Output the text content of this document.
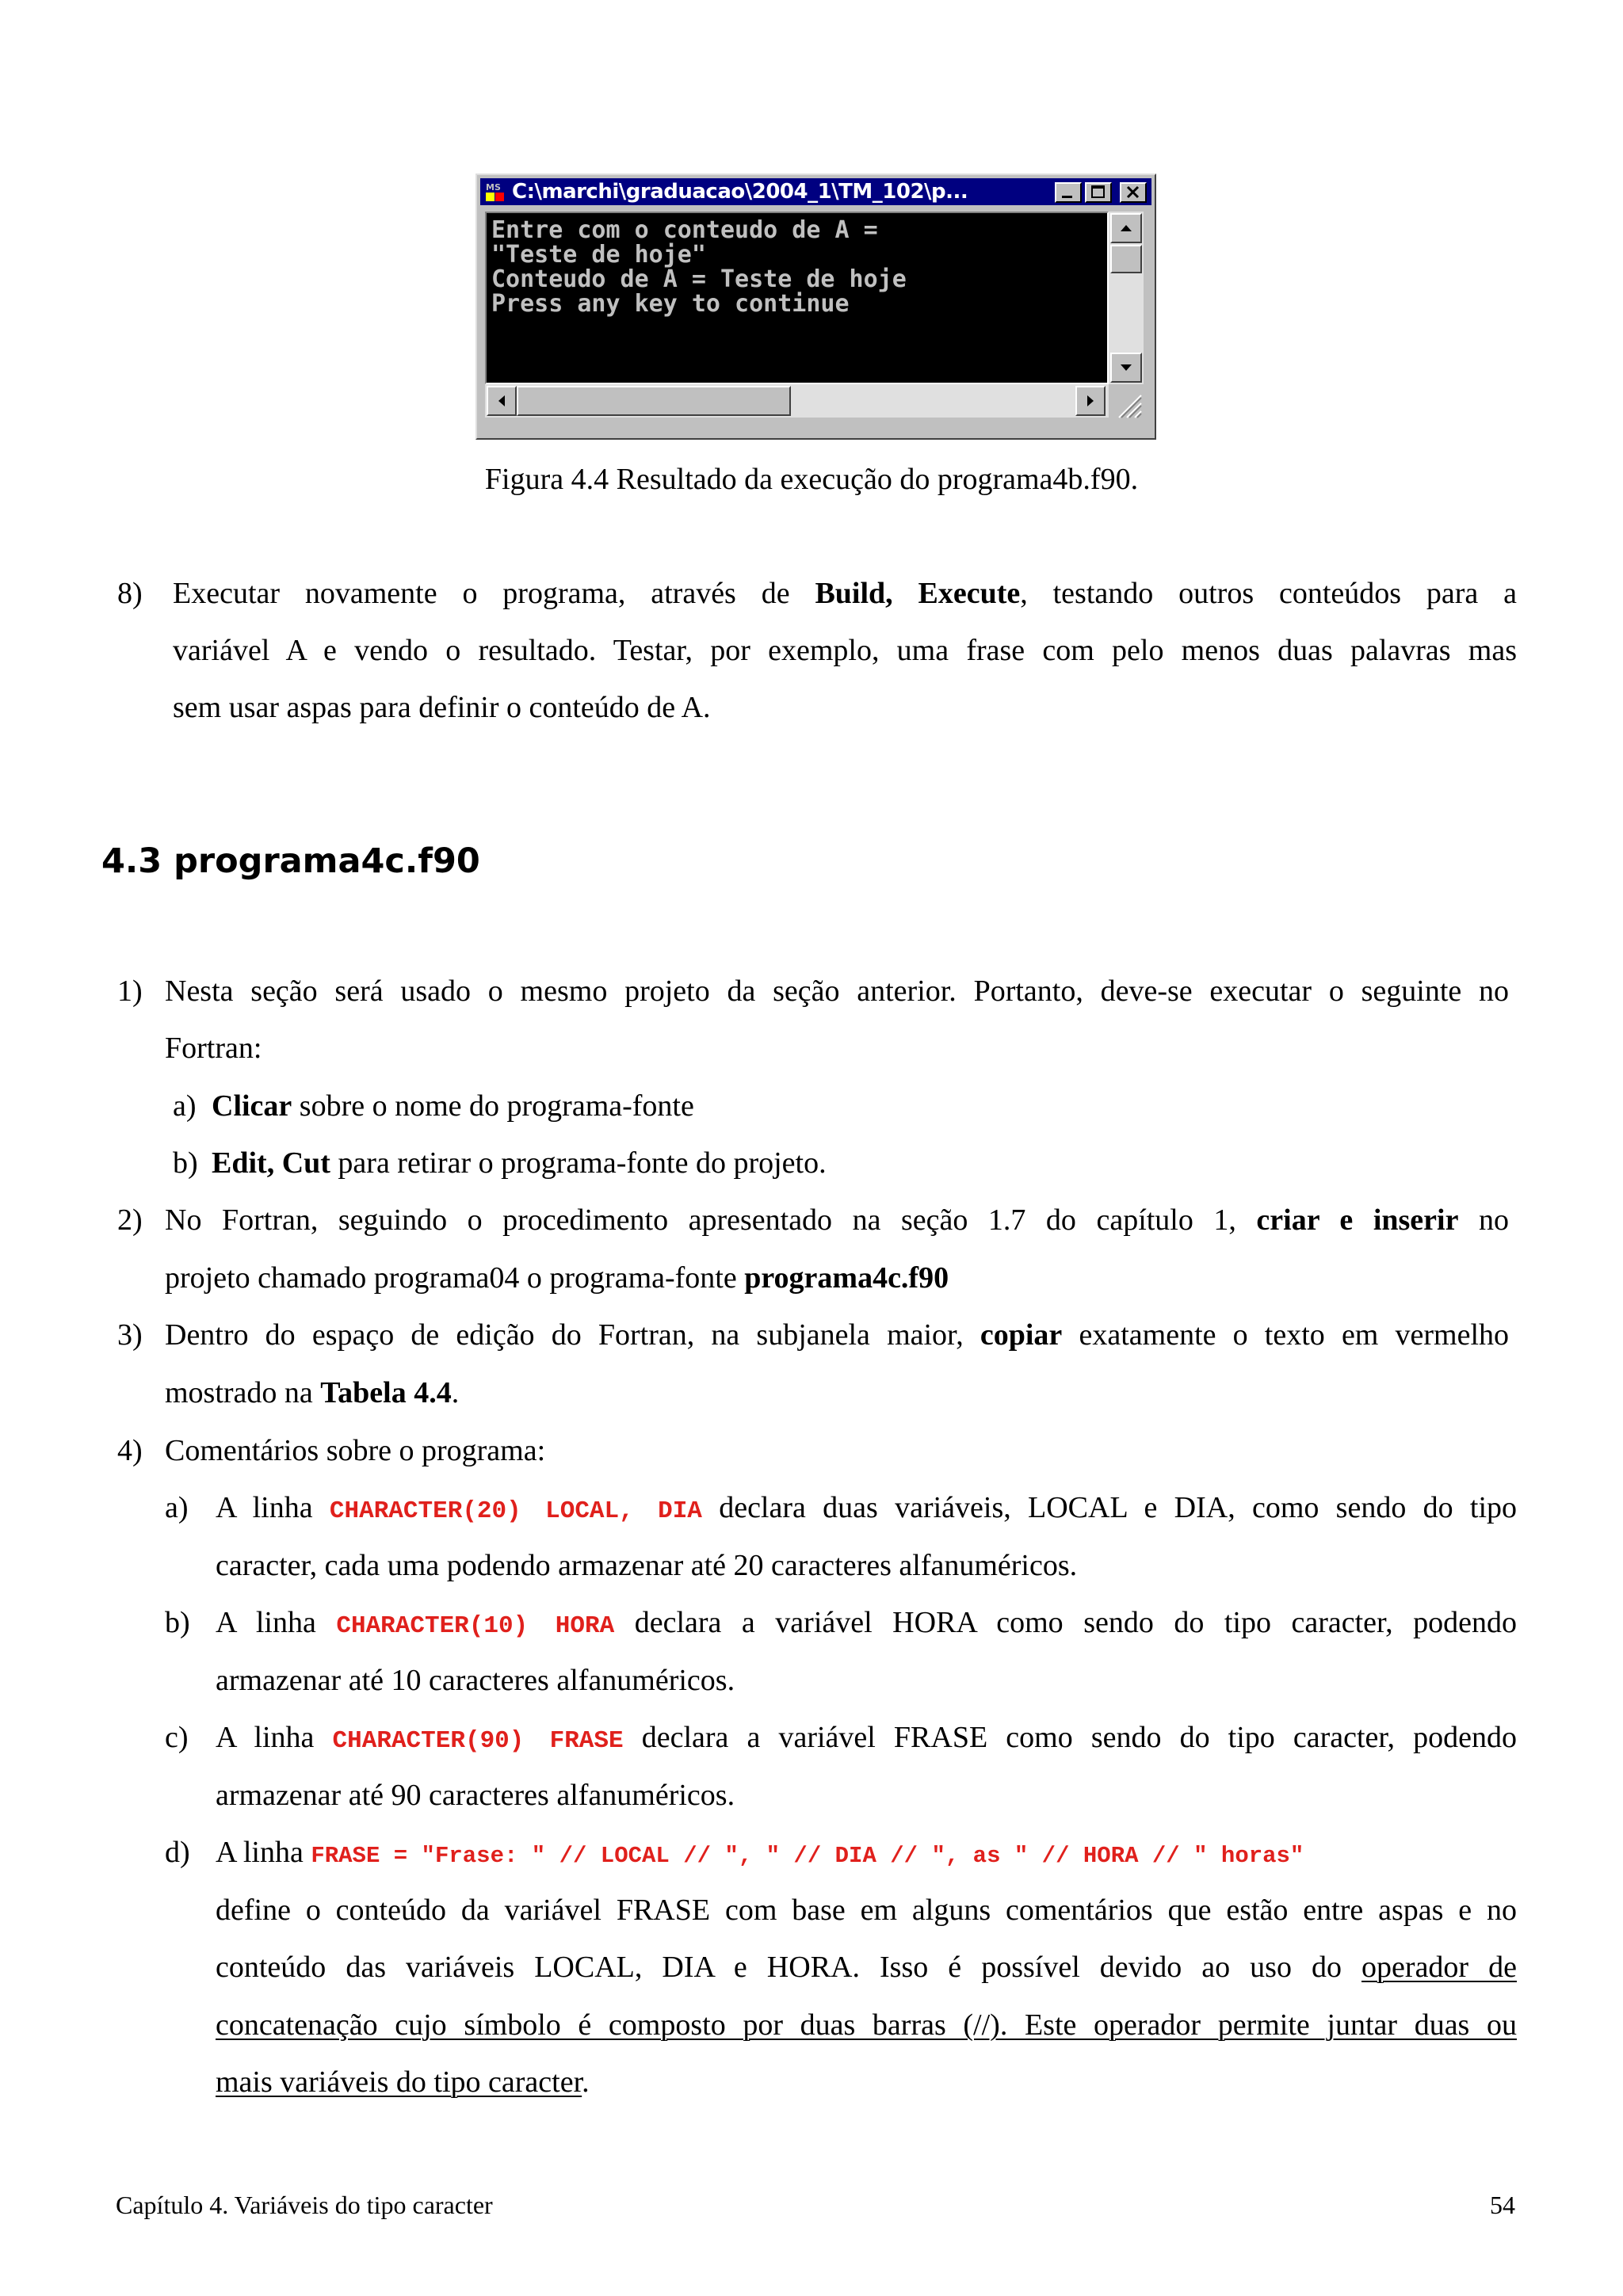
MS C:\marchi\graduacao\2004_1\TM_102\p...
Entre com o conteudo de A =
"Teste de hoje"
Conteudo de A = Teste de hoje
Press any key to continue
Figura 4.4 Resultado da execução do programa4b.f90.
8) Executar novamente o programa, através de Build, Execute, testando outros conteúdos para a
variável A e vendo o resultado. Testar, por exemplo, uma frase com pelo menos duas palavras mas
sem usar aspas para definir o conteúdo de A.
4.3 programa4c.f90
1) Nesta seção será usado o mesmo projeto da seção anterior. Portanto, deve-se executar o seguinte no
Fortran:
a) Clicar sobre o nome do programa-fonte
b) Edit, Cut para retirar o programa-fonte do projeto.
2) No Fortran, seguindo o procedimento apresentado na seção 1.7 do capítulo 1, criar e inserir no
projeto chamado programa04 o programa-fonte programa4c.f90
3) Dentro do espaço de edição do Fortran, na subjanela maior, copiar exatamente o texto em vermelho
mostrado na Tabela 4.4.
4) Comentários sobre o programa:
a) A linha CHARACTER(20) LOCAL, DIA declara duas variáveis, LOCAL e DIA, como sendo do tipo
caracter, cada uma podendo armazenar até 20 caracteres alfanuméricos.
b) A linha CHARACTER(10) HORA declara a variável HORA como sendo do tipo caracter, podendo
armazenar até 10 caracteres alfanuméricos.
c) A linha CHARACTER(90) FRASE declara a variável FRASE como sendo do tipo caracter, podendo
armazenar até 90 caracteres alfanuméricos.
d) A linha FRASE = "Frase: " // LOCAL // ", " // DIA // ", as " // HORA // " horas"
define o conteúdo da variável FRASE com base em alguns comentários que estão entre aspas e no
conteúdo das variáveis LOCAL, DIA e HORA. Isso é possível devido ao uso do operador de
concatenação cujo símbolo é composto por duas barras (//). Este operador permite juntar duas ou
mais variáveis do tipo caracter.
Capítulo 4. Variáveis do tipo caracter	54
